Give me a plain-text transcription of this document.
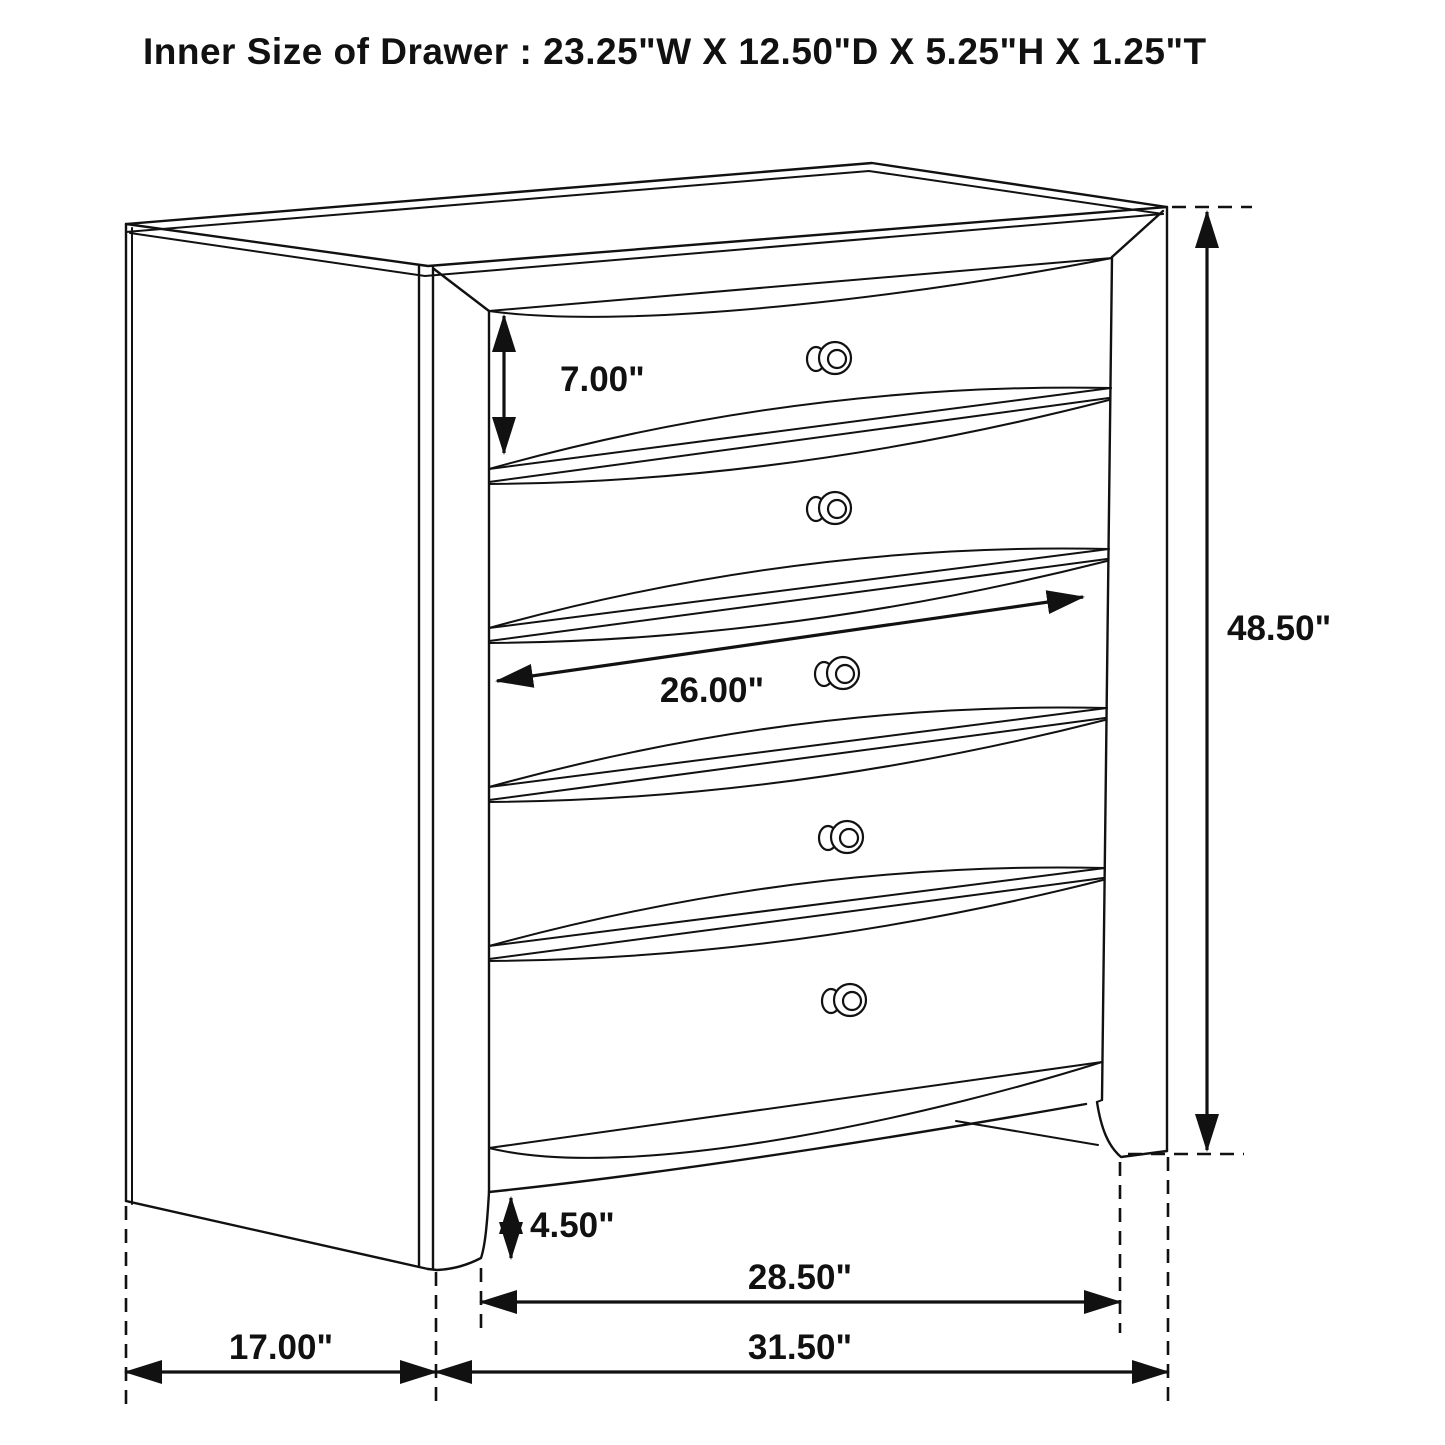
Inner Size of Drawer : 23.25"W X 12.50"D X 5.25"H X 1.25"T
7.00"
26.00"
48.50"
4.50"
28.50"
31.50"
17.00"
